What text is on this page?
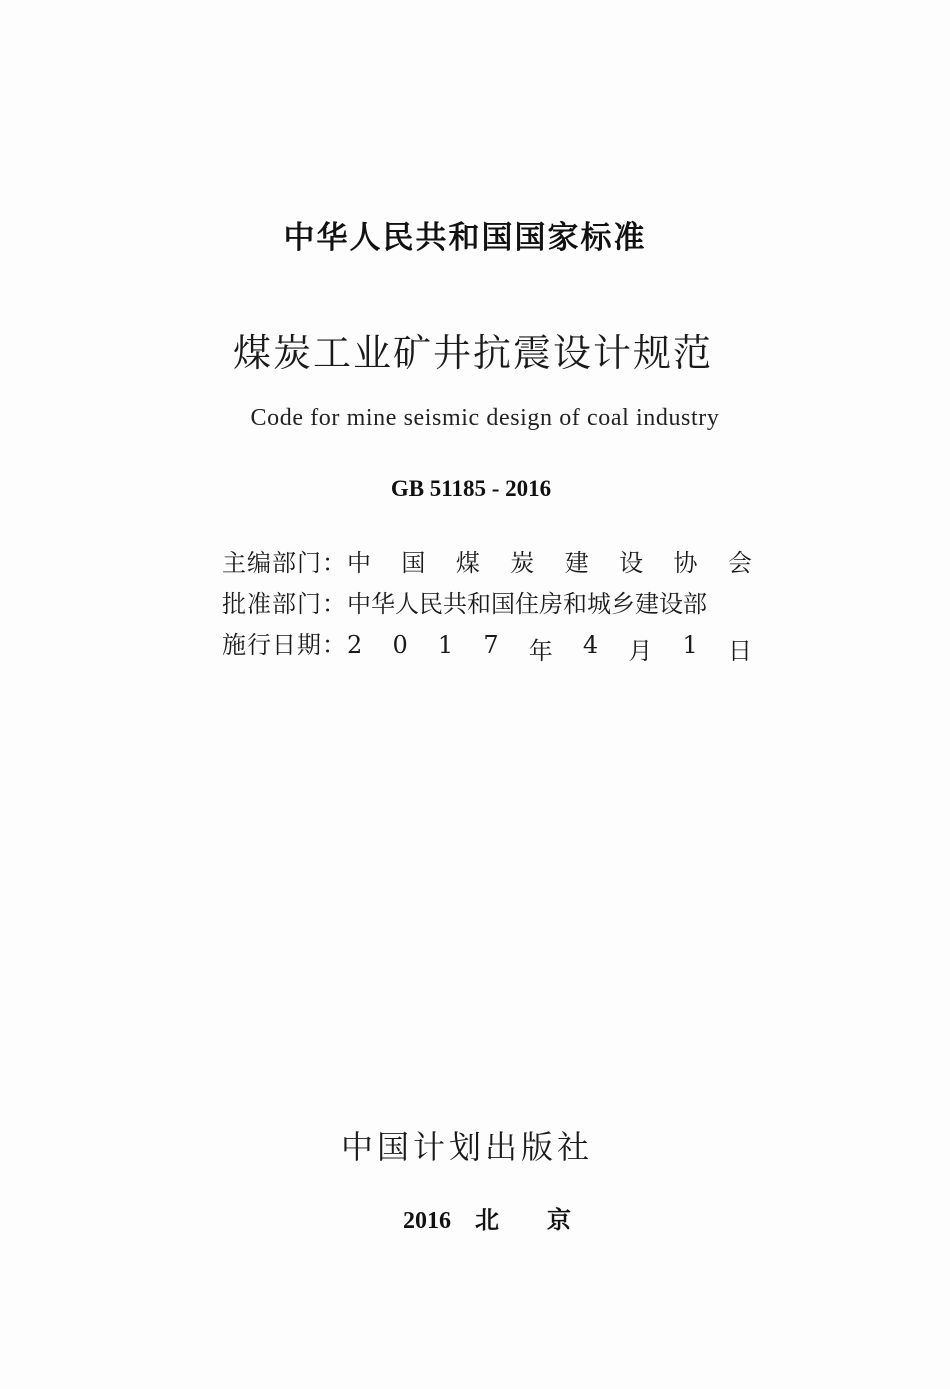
中华人民共和国国家标准
煤炭工业矿井抗震设计规范
Code for mine seismic design of coal industry
GB 51185 - 2016
主编部门： 中 国 煤 炭 建 设 协 会
批准部门： 中华人民共和国住房和城乡建设部
施行日期： 2 0 1 7 年 4 月 1 日
中国计划出版社
2016 北 京
